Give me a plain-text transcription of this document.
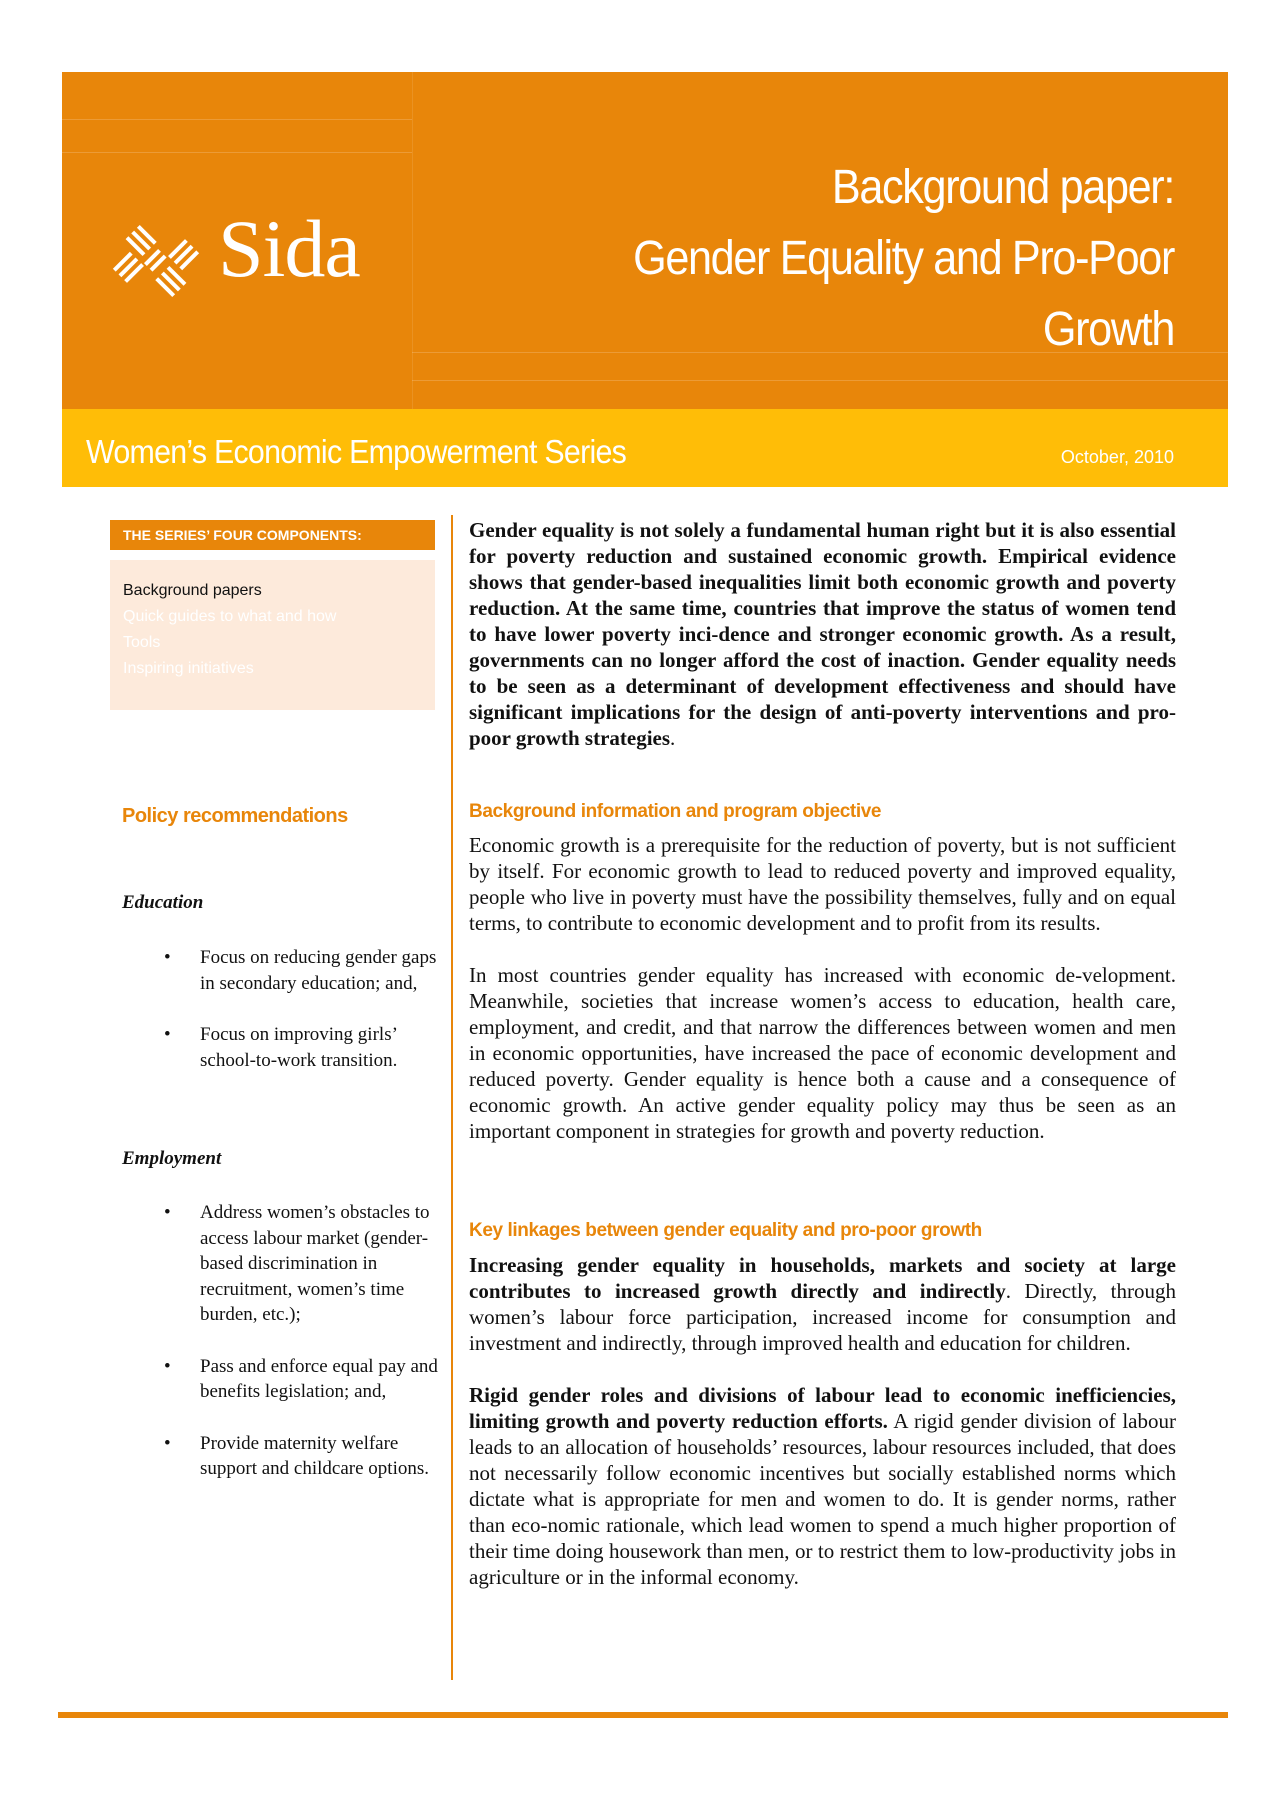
Sida
Background paper:
Gender Equality and Pro-Poor
Growth
Women’s Economic Empowerment Series	October, 2010
THE SERIES’ FOUR COMPONENTS:
Background papers
Quick guides to what and how
Tools
Inspiring initiatives
Policy recommendations
Education
• Focus on reducing gender gaps in secondary education; and,
• Focus on improving girls’ school-to-work transition.
Employment
• Address women’s obstacles to access labour market (gender-based discrimination in recruitment, women’s time burden, etc.);
• Pass and enforce equal pay and benefits legislation; and,
• Provide maternity welfare support and childcare options.
Gender equality is not solely a fundamental human right but it is also essential for poverty reduction and sustained economic growth. Empirical evidence shows that gender-based inequalities limit both economic growth and poverty reduction. At the same time, countries that improve the status of women tend to have lower poverty inci-dence and stronger economic growth. As a result, governments can no longer afford the cost of inaction. Gender equality needs to be seen as a determinant of development effectiveness and should have significant implications for the design of anti-poverty interventions and pro-poor growth strategies.
Background information and program objective

Economic growth is a prerequisite for the reduction of poverty, but is not sufficient by itself. For economic growth to lead to reduced poverty and improved equality, people who live in poverty must have the possibility themselves, fully and on equal terms, to contribute to economic development and to profit from its results.

In most countries gender equality has increased with economic de-velopment. Meanwhile, societies that increase women’s access to education, health care, employment, and credit, and that narrow the differences between women and men in economic opportunities, have increased the pace of economic development and reduced poverty. Gender equality is hence both a cause and a consequence of economic growth. An active gender equality policy may thus be seen as an important component in strategies for growth and poverty reduction.

Key linkages between gender equality and pro-poor growth

Increasing gender equality in households, markets and society at large contributes to increased growth directly and indirectly. Directly, through women’s labour force participation, increased income for consumption and investment and indirectly, through improved health and education for children.

Rigid gender roles and divisions of labour lead to economic inefficiencies, limiting growth and poverty reduction efforts. A rigid gender division of labour leads to an allocation of households’ resources, labour resources included, that does not necessarily follow economic incentives but socially established norms which dictate what is appropriate for men and women to do. It is gender norms, rather than eco-nomic rationale, which lead women to spend a much higher proportion of their time doing housework than men, or to restrict them to low-productivity jobs in agriculture or in the informal economy.
